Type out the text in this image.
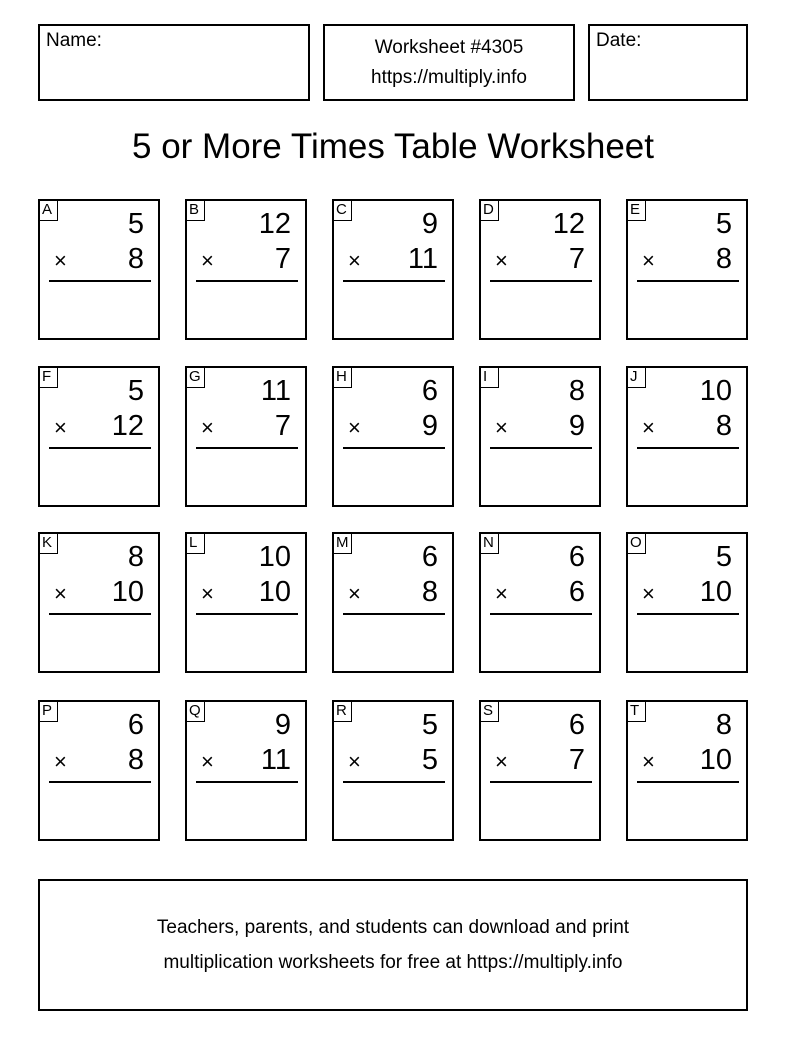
Name:	Worksheet #4305
https://multiply.info
Date:
5 or More Times Table Worksheet
A	5
× 8
B 12
× 7
C	9
× 11
D 12
× 7
E	5
× 8
F	5
× 12
G 11
× 7
H	6
× 9
I	8
× 9
J 10
× 8
K	8
× 10
L 10
× 10
M	6
× 8
N	6
× 6
O	5
× 10
P	6
× 8
Q	9
× 11
R	5
× 5
S	6
× 7
T	8
× 10
Teachers, parents, and students can download and print
multiplication worksheets for free at https://multiply.info
